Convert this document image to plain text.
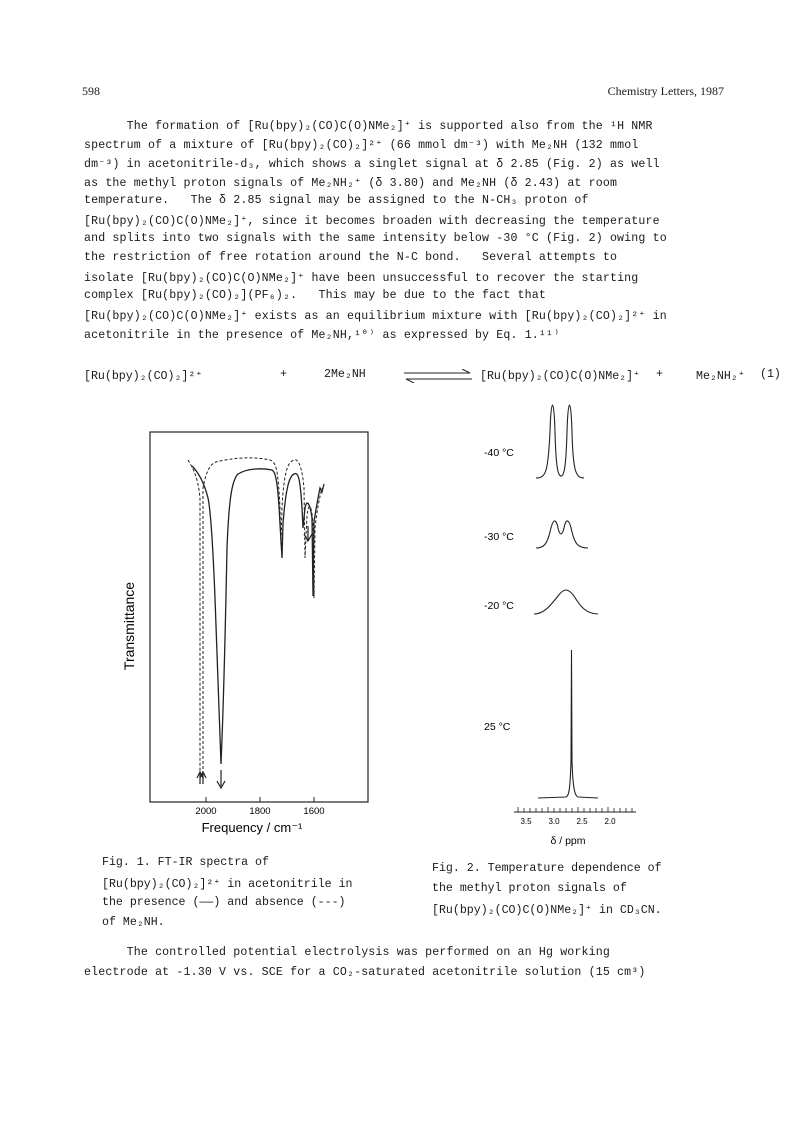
598	Chemistry Letters, 1987
The formation of [Ru(bpy)₂(CO)C(O)NMe₂]⁺ is supported also from the ¹H NMR
spectrum of a mixture of [Ru(bpy)₂(CO)₂]²⁺ (66 mmol dm⁻³) with Me₂NH (132 mmol
dm⁻³) in acetonitrile-d₃, which shows a singlet signal at δ 2.85 (Fig. 2) as well
as the methyl proton signals of Me₂NH₂⁺ (δ 3.80) and Me₂NH (δ 2.43) at room
temperature.   The δ 2.85 signal may be assigned to the N-CH₃ proton of
[Ru(bpy)₂(CO)C(O)NMe₂]⁺, since it becomes broaden with decreasing the temperature
and splits into two signals with the same intensity below -30 °C (Fig. 2) owing to
the restriction of free rotation around the N-C bond.   Several attempts to
isolate [Ru(bpy)₂(CO)C(O)NMe₂]⁺ have been unsuccessful to recover the starting
complex [Ru(bpy)₂(CO)₂](PF₆)₂.   This may be due to the fact that
[Ru(bpy)₂(CO)C(O)NMe₂]⁺ exists as an equilibrium mixture with [Ru(bpy)₂(CO)₂]²⁺ in
acetonitrile in the presence of Me₂NH,¹⁰⁾ as expressed by Eq. 1.¹¹⁾
[Ru(bpy)₂(CO)₂]²⁺	+	2Me₂NH	[Ru(bpy)₂(CO)C(O)NMe₂]⁺ +	Me₂NH₂⁺ (1)
2000	1800	1600
Frequency / cm⁻¹
Transmittance
Fig. 1. FT-IR spectra of
[Ru(bpy)₂(CO)₂]²⁺ in acetonitrile in
the presence (——) and absence (---)
of Me₂NH.
-40 °C
-30 °C
-20 °C
25 °C
3.5 3.0 2.5 2.0
δ / ppm
Fig. 2. Temperature dependence of
the methyl proton signals of
[Ru(bpy)₂(CO)C(O)NMe₂]⁺ in CD₃CN.
The controlled potential electrolysis was performed on an Hg working
electrode at -1.30 V vs. SCE for a CO₂-saturated acetonitrile solution (15 cm³)
